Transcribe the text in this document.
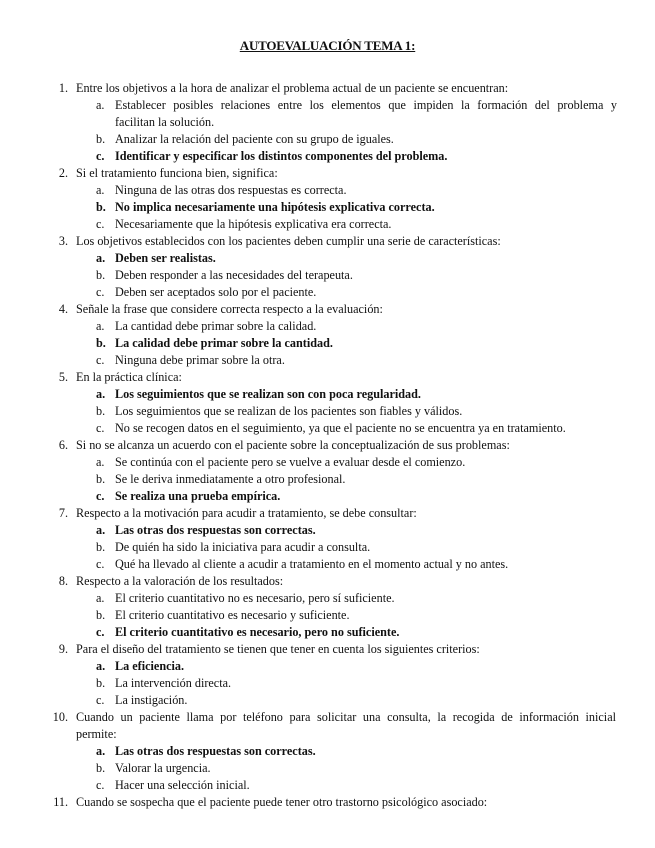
AUTOEVALUACIÓN TEMA 1:
1. Entre los objetivos a la hora de analizar el problema actual de un paciente se encuentran:
a. Establecer posibles relaciones entre los elementos que impiden la formación del problema y
facilitan la solución.
b. Analizar la relación del paciente con su grupo de iguales.
c. Identificar y especificar los distintos componentes del problema.
2. Si el tratamiento funciona bien, significa:
a. Ninguna de las otras dos respuestas es correcta.
b. No implica necesariamente una hipótesis explicativa correcta.
c. Necesariamente que la hipótesis explicativa era correcta.
3. Los objetivos establecidos con los pacientes deben cumplir una serie de características:
a. Deben ser realistas.
b. Deben responder a las necesidades del terapeuta.
c. Deben ser aceptados solo por el paciente.
4. Señale la frase que considere correcta respecto a la evaluación:
a. La cantidad debe primar sobre la calidad.
b. La calidad debe primar sobre la cantidad.
c. Ninguna debe primar sobre la otra.
5. En la práctica clínica:
a. Los seguimientos que se realizan son con poca regularidad.
b. Los seguimientos que se realizan de los pacientes son fiables y válidos.
c. No se recogen datos en el seguimiento, ya que el paciente no se encuentra ya en tratamiento.
6. Si no se alcanza un acuerdo con el paciente sobre la conceptualización de sus problemas:
a. Se continúa con el paciente pero se vuelve a evaluar desde el comienzo.
b. Se le deriva inmediatamente a otro profesional.
c. Se realiza una prueba empírica.
7. Respecto a la motivación para acudir a tratamiento, se debe consultar:
a. Las otras dos respuestas son correctas.
b. De quién ha sido la iniciativa para acudir a consulta.
c. Qué ha llevado al cliente a acudir a tratamiento en el momento actual y no antes.
8. Respecto a la valoración de los resultados:
a. El criterio cuantitativo no es necesario, pero sí suficiente.
b. El criterio cuantitativo es necesario y suficiente.
c. El criterio cuantitativo es necesario, pero no suficiente.
9. Para el diseño del tratamiento se tienen que tener en cuenta los siguientes criterios:
a. La eficiencia.
b. La intervención directa.
c. La instigación.
10. Cuando un paciente llama por teléfono para solicitar una consulta, la recogida de información inicial
permite:
a. Las otras dos respuestas son correctas.
b. Valorar la urgencia.
c. Hacer una selección inicial.
11. Cuando se sospecha que el paciente puede tener otro trastorno psicológico asociado:
